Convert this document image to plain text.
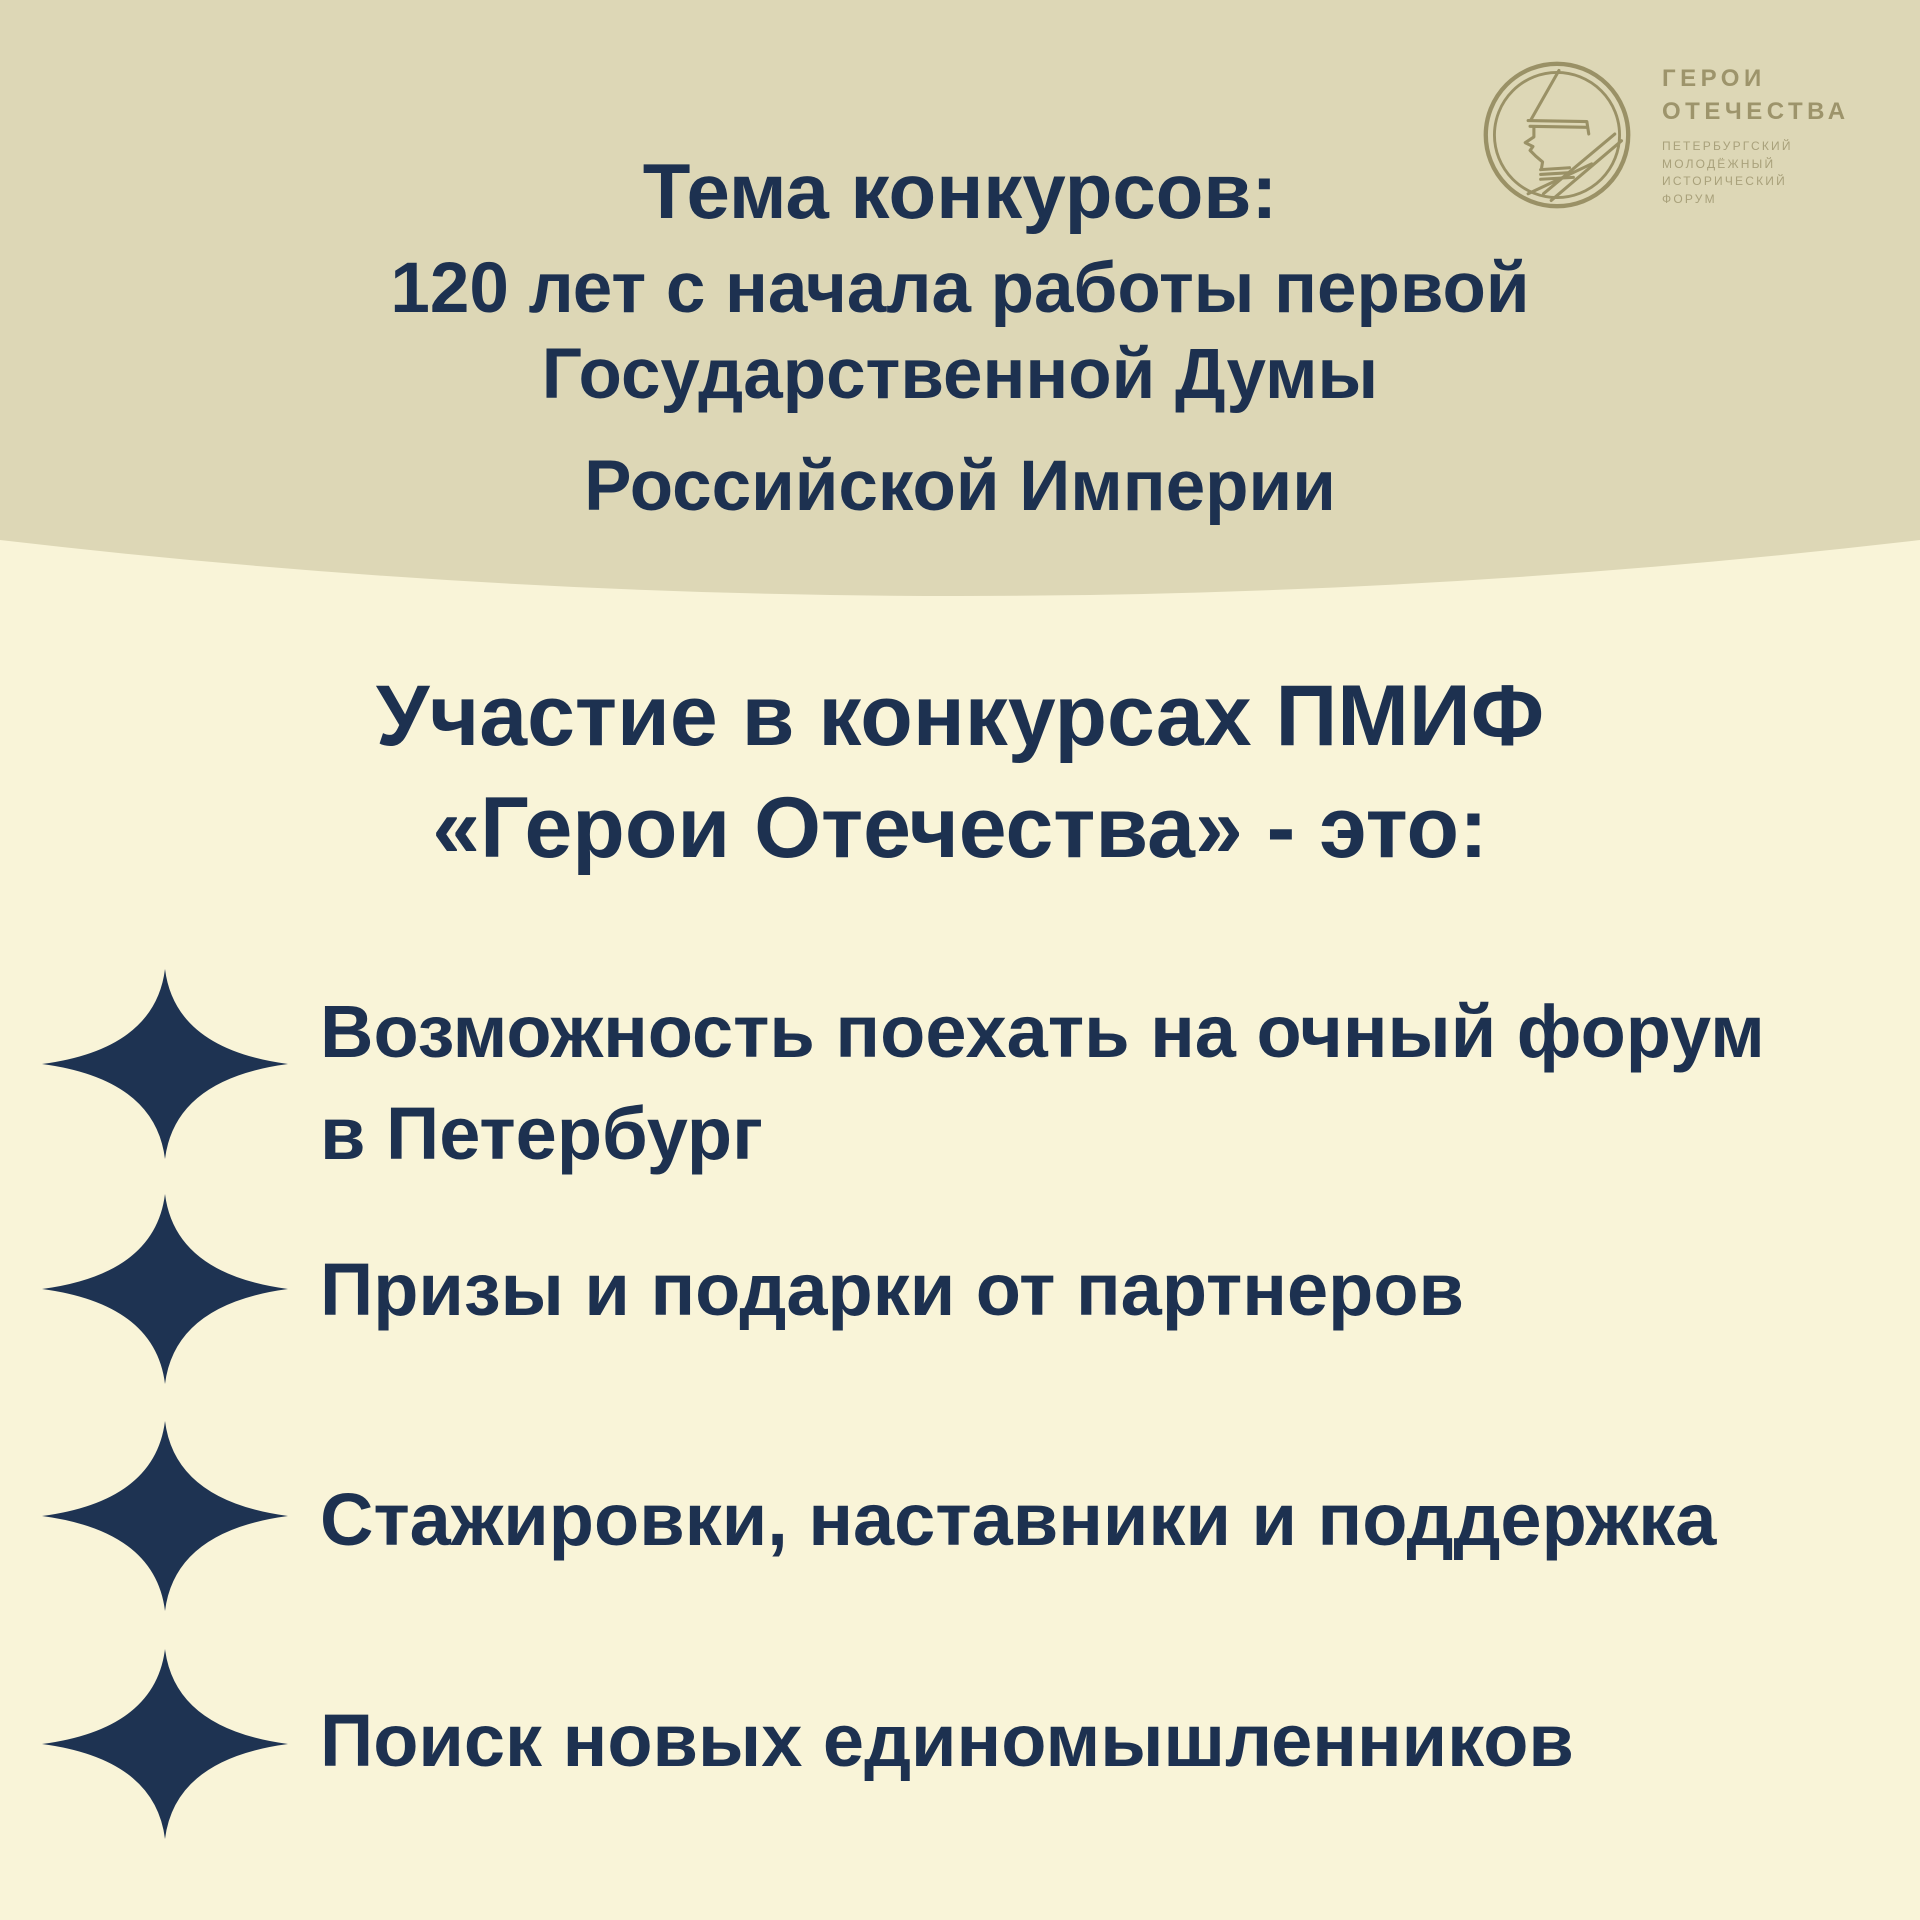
Тема конкурсов:
120 лет с начала работы первой
Государственной Думы
Российской Империи
ГЕРОИ
ОТЕЧЕСТВА
ПЕТЕРБУРГСКИЙ
МОЛОДЁЖНЫЙ
ИСТОРИЧЕСКИЙ
ФОРУМ
Участие в конкурсах ПМИФ
«Герои Отечества» - это:
Возможность поехать на очный форум
в Петербург
Призы и подарки от партнеров
Стажировки, наставники и поддержка
Поиск новых единомышленников
